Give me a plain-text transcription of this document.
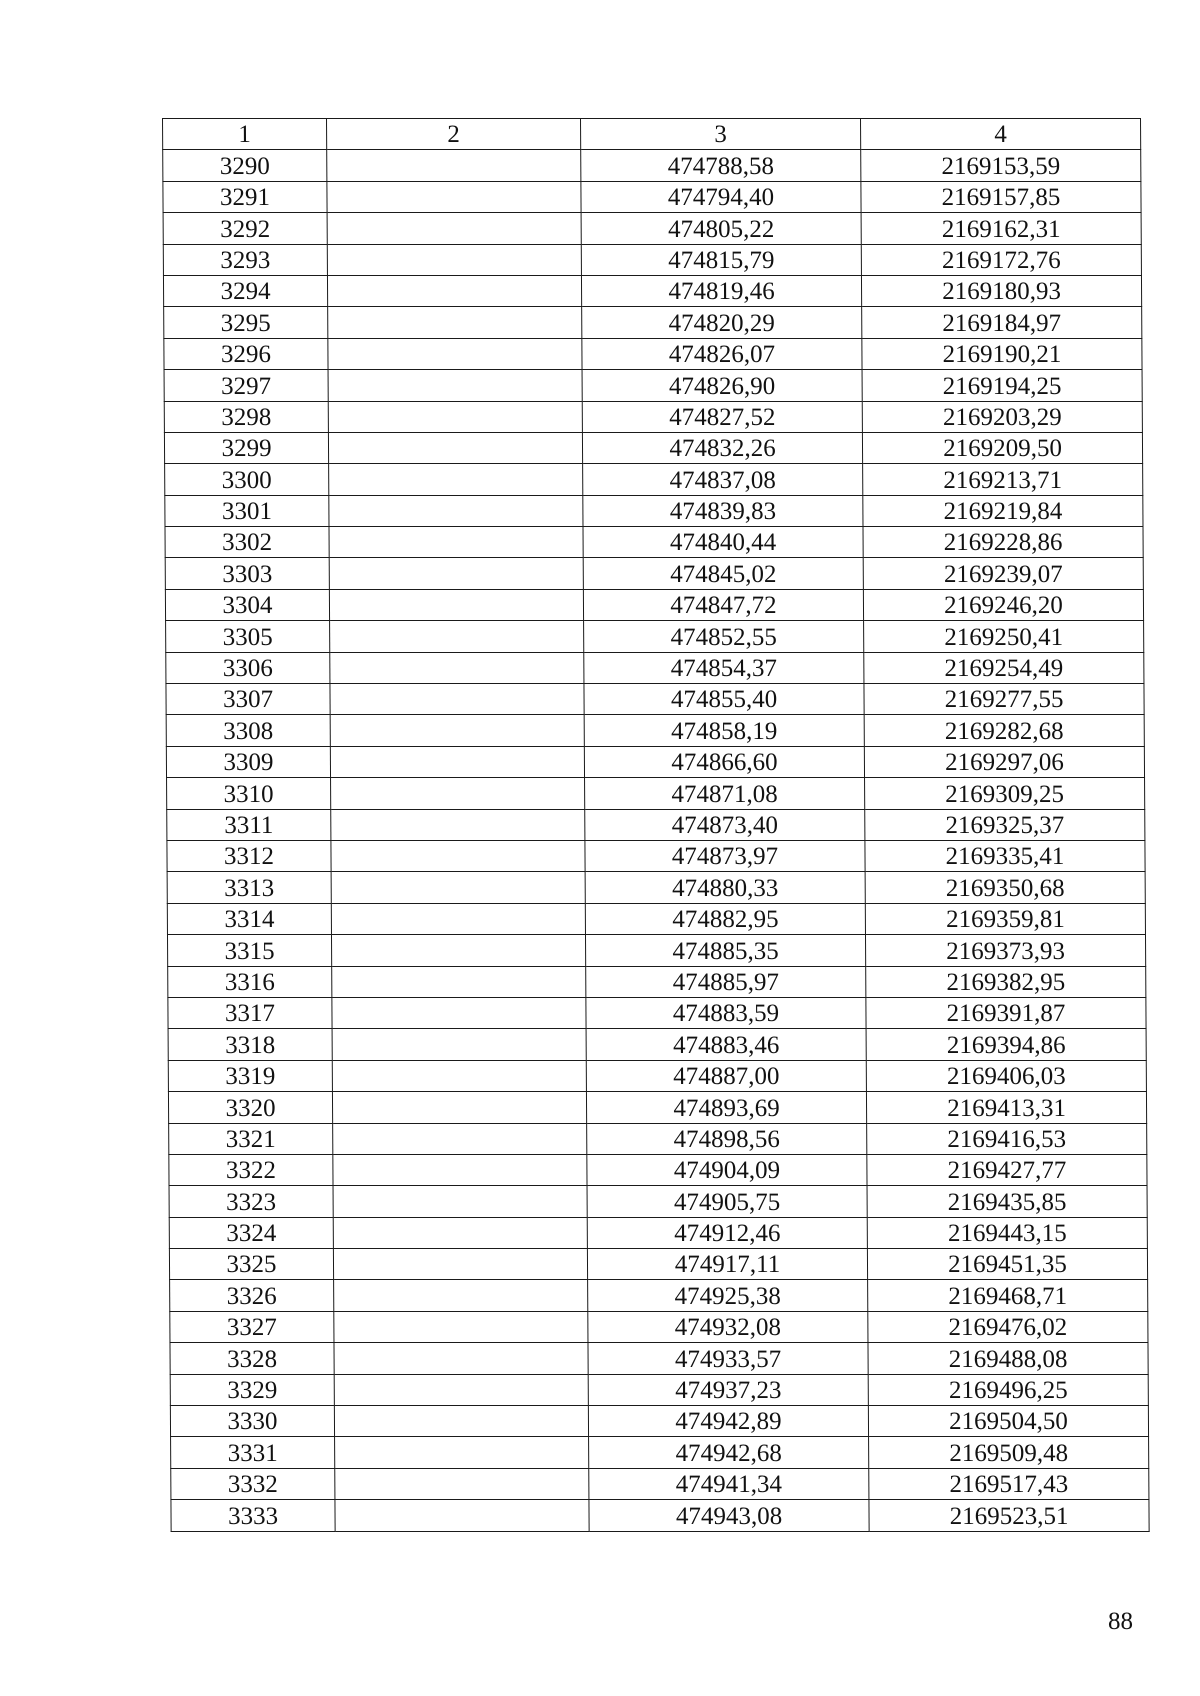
1	2	3	4
3290		474788,58	2169153,59
3291		474794,40	2169157,85
3292		474805,22	2169162,31
3293		474815,79	2169172,76
3294		474819,46	2169180,93
3295		474820,29	2169184,97
3296		474826,07	2169190,21
3297		474826,90	2169194,25
3298		474827,52	2169203,29
3299		474832,26	2169209,50
3300		474837,08	2169213,71
3301		474839,83	2169219,84
3302		474840,44	2169228,86
3303		474845,02	2169239,07
3304		474847,72	2169246,20
3305		474852,55	2169250,41
3306		474854,37	2169254,49
3307		474855,40	2169277,55
3308		474858,19	2169282,68
3309		474866,60	2169297,06
3310		474871,08	2169309,25
3311		474873,40	2169325,37
3312		474873,97	2169335,41
3313		474880,33	2169350,68
3314		474882,95	2169359,81
3315		474885,35	2169373,93
3316		474885,97	2169382,95
3317		474883,59	2169391,87
3318		474883,46	2169394,86
3319		474887,00	2169406,03
3320		474893,69	2169413,31
3321		474898,56	2169416,53
3322		474904,09	2169427,77
3323		474905,75	2169435,85
3324		474912,46	2169443,15
3325		474917,11	2169451,35
3326		474925,38	2169468,71
3327		474932,08	2169476,02
3328		474933,57	2169488,08
3329		474937,23	2169496,25
3330		474942,89	2169504,50
3331		474942,68	2169509,48
3332		474941,34	2169517,43
3333		474943,08	2169523,51
88
